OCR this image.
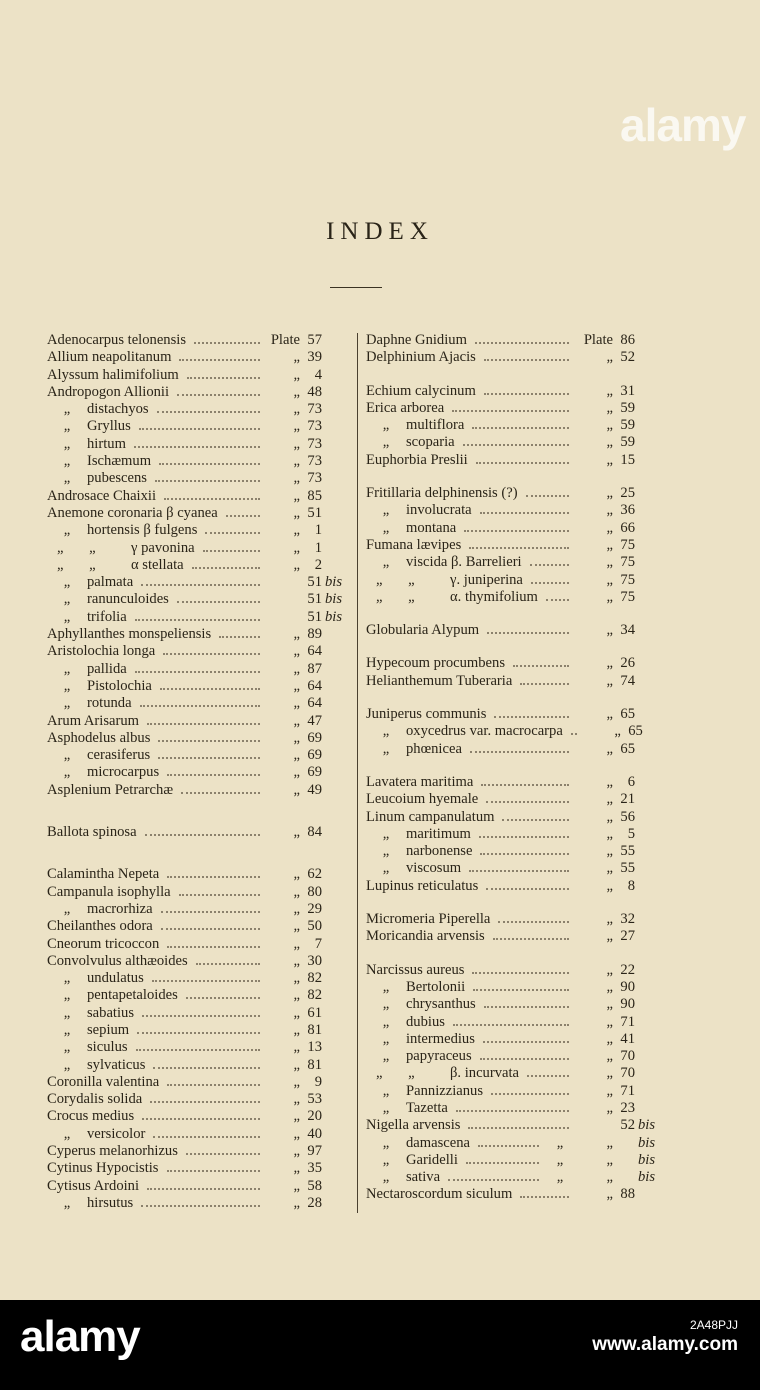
alamy
INDEX
Adenocarpus telonensis	Plate 57
Allium neapolitanum	„ 39
Alyssum halimifolium	„	4
Andropogon Allionii	„ 48
„	distachyos	„ 73
„	Gryllus	„ 73
„	hirtum	„ 73
„	Ischæmum	„ 73
„	pubescens	„ 73
Androsace Chaixii	„ 85
Anemone coronaria β cyanea	„ 51
„	hortensis β fulgens	„	1
„ „	γ pavonina	„	1
„ „	α stellata	„	2
„	palmata	51 bis
„	ranunculoides	51 bis
„	trifolia	51 bis
Aphyllanthes monspeliensis	„ 89
Aristolochia longa	„ 64
„	pallida	„ 87
„	Pistolochia	„ 64
„	rotunda	„ 64
Arum Arisarum	„ 47
Asphodelus albus	„ 69
„	cerasiferus	„ 69
„	microcarpus	„ 69
Asplenium Petrarchæ	„ 49
Ballota spinosa	„ 84
Calamintha Nepeta	„ 62
Campanula isophylla	„ 80
„	macrorhiza	„ 29
Cheilanthes odora	„ 50
Cneorum tricoccon	„	7
Convolvulus althæoides	„ 30
„	undulatus	„ 82
„	pentapetaloides	„ 82
„	sabatius	„ 61
„	sepium	„ 81
„	siculus	„ 13
„	sylvaticus	„ 81
Coronilla valentina	„	9
Corydalis solida	„ 53
Crocus medius	„ 20
„	versicolor	„ 40
Cyperus melanorhizus	„ 97
Cytinus Hypocistis	„ 35
Cytisus Ardoini	„ 58
„	hirsutus	„ 28
Daphne Gnidium	Plate 86
Delphinium Ajacis	„ 52
Echium calycinum	„ 31
Erica arborea	„ 59
„	multiflora	„ 59
„	scoparia	„ 59
Euphorbia Preslii	„ 15
Fritillaria delphinensis (?)	„ 25
„	involucrata	„ 36
„	montana	„ 66
Fumana lævipes	„ 75
„	viscida β. Barrelieri	„ 75
„ „	γ. juniperina	„ 75
„ „	α. thymifolium	„ 75
Globularia Alypum	„ 34
Hypecoum procumbens	„ 26
Helianthemum Tuberaria	„ 74
Juniperus communis	„ 65
„	oxycedrus var. macrocarpa	„ 65
„	phœnicea	„ 65
Lavatera maritima	„	6
Leucoium hyemale	„ 21
Linum campanulatum	„ 56
„	maritimum	„	5
„	narbonense	„ 55
„	viscosum	„ 55
Lupinus reticulatus	„	8
Micromeria Piperella	„ 32
Moricandia arvensis	„ 27
Narcissus aureus	„ 22
„	Bertolonii	„ 90
„	chrysanthus	„ 90
„	dubius	„ 71
„	intermedius	„ 41
„	papyraceus	„ 70
„ „	β. incurvata	„ 70
„	Pannizzianus	„ 71
„	Tazetta	„ 23
Nigella arvensis	52 bis
„	damascena	„	„ bis
„	Garidelli	„	„ bis
„	sativa	„	„ bis
Nectaroscordum siculum	„ 88
alamy	2A48PJJ
www.alamy.com
